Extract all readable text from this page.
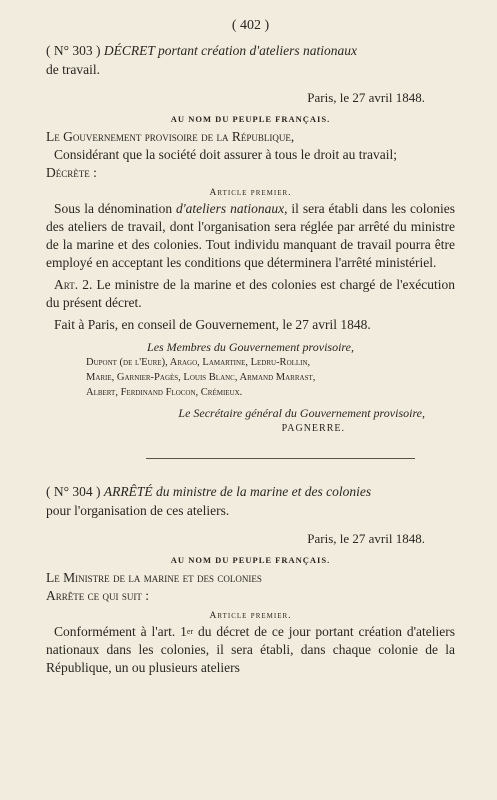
( 402 )
( N° 303 ) DÉCRET portant création d'ateliers nationaux
de travail.
Paris, le 27 avril 1848.
AU NOM DU PEUPLE FRANÇAIS.
Le Gouvernement provisoire de la République,
Considérant que la société doit assurer à tous le droit au travail;
Décrète :
Article premier.
Sous la dénomination d'ateliers nationaux, il sera établi dans les colonies des ateliers de travail, dont l'organisation sera réglée par arrêté du ministre de la marine et des colonies. Tout individu manquant de travail pourra être employé en acceptant les conditions que déterminera l'arrêté ministériel.
Art. 2. Le ministre de la marine et des colonies est chargé de l'exécution du présent décret.
Fait à Paris, en conseil de Gouvernement, le 27 avril 1848.
Les Membres du Gouvernement provisoire,
Dupont (de l'Eure), Arago, Lamartine, Ledru-Rollin,
Marie, Garnier-Pagès, Louis Blanc, Armand Marrast,
Albert, Ferdinand Flocon, Crémieux.
Le Secrétaire général du Gouvernement provisoire,
PAGNERRE.
( N° 304 ) ARRÊTÉ du ministre de la marine et des colonies
pour l'organisation de ces ateliers.
Paris, le 27 avril 1848.
AU NOM DU PEUPLE FRANÇAIS.
Le Ministre de la marine et des colonies
Arrête ce qui suit :
Article premier.
Conformément à l'art. 1er du décret de ce jour portant création d'ateliers nationaux dans les colonies, il sera établi, dans chaque colonie de la République, un ou plusieurs ateliers
